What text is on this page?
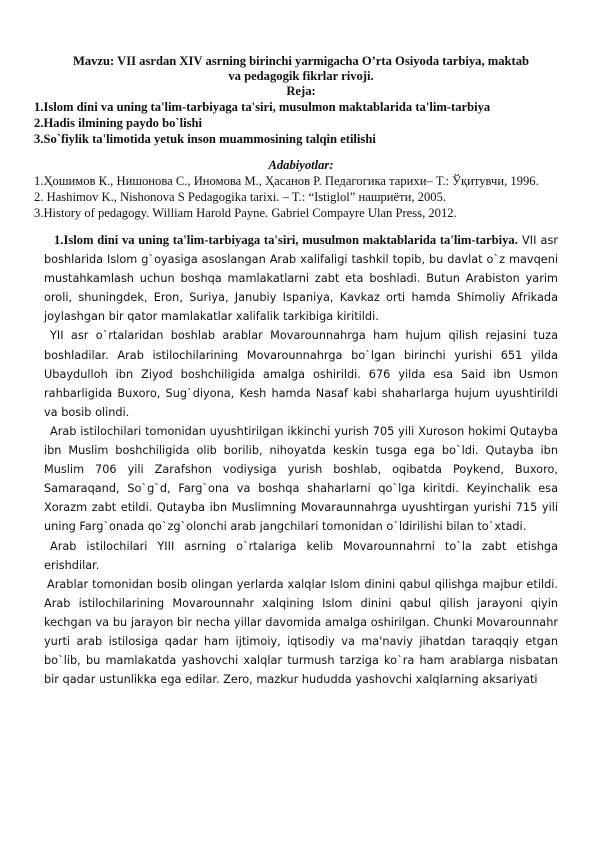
Mavzu: VII asrdan XIV asrning birinchi yarmigacha O’rta Osiyoda tarbiya, maktab

va pedagogik fikrlar rivoji.

Reja:

1.Islom dini va uning ta'lim-tarbiyaga ta'siri, musulmon maktablarida ta'lim-tarbiya
2.Hadis ilmining paydo bo`lishi
3.So`fiylik ta'limotida yetuk inson muammosining talqin etilishi

Adabiyotlar:

1.Ҳошимов К., Нишонова С., Иномова М., Ҳасанов Р. Педагогика тарихи– Т.: Ўқитувчи, 1996.
2. Hashimov K., Nishonova S Pedagogika tarixi. – T.: “Istiglol” нашриёти, 2005.
3.History of pedagogy. William Harold Payne. Gabriel Compayre Ulan Press, 2012.

1.Islom dini va uning ta'lim-tarbiyaga ta'siri, musulmon maktablarida ta'lim-tarbiya. VII asr boshlarida Islom g`oyasiga asoslangan Arab xalifaligi tashkil topib, bu davlat o`z mavqeni mustahkamlash uchun boshqa mamlakatlarni zabt eta boshladi. Butun Arabiston yarim oroli, shuningdek, Eron, Suriya, Janubiy Ispaniya, Kavkaz orti hamda Shimoliy Afrikada joylashgan bir qator mamlakatlar xalifalik tarkibiga kiritildi.

YII asr o`rtalaridan boshlab arablar Movarounnahrga ham hujum qilish rejasini tuza boshladilar. Arab istilochilarining Movarounnahrga bo`lgan birinchi yurishi 651 yilda Ubaydulloh ibn Ziyod boshchiligida amalga oshirildi. 676 yilda esa Said ibn Usmon rahbarligida Buxoro, Sug`diyona, Kesh hamda Nasaf kabi shaharlarga hujum uyushtirildi va bosib olindi.

Arab istilochilari tomonidan uyushtirilgan ikkinchi yurish 705 yili Xuroson hokimi Qutayba ibn Muslim boshchiligida olib borilib, nihoyatda keskin tusga ega bo`ldi. Qutayba ibn Muslim 706 yili Zarafshon vodiysiga yurish boshlab, oqibatda Poykend, Buxoro, Samaraqand, So`g`d, Farg`ona va boshqa shaharlarni qo`lga kiritdi. Keyinchalik esa Xorazm zabt etildi. Qutayba ibn Muslimning Movaraunnahrga uyushtirgan yurishi 715 yili uning Farg`onada qo`zg`olonchi arab jangchilari tomonidan o`ldirilishi bilan to`xtadi.

Arab istilochilari YIII asrning o`rtalariga kelib Movarounnahrni to`la zabt etishga erishdilar.

Arablar tomonidan bosib olingan yerlarda xalqlar Islom dinini qabul qilishga majbur etildi. Arab istilochilarining Movarounnahr xalqining Islom dinini qabul qilish jarayoni qiyin kechgan va bu jarayon bir necha yillar davomida amalga oshirilgan. Chunki Movarounnahr yurti arab istilosiga qadar ham ijtimoiy, iqtisodiy va ma'naviy jihatdan taraqqiy etgan bo`lib, bu mamlakatda yashovchi xalqlar turmush tarziga ko`ra ham arablarga nisbatan bir qadar ustunlikka ega edilar. Zero, mazkur hududda yashovchi xalqlarning aksariyati
